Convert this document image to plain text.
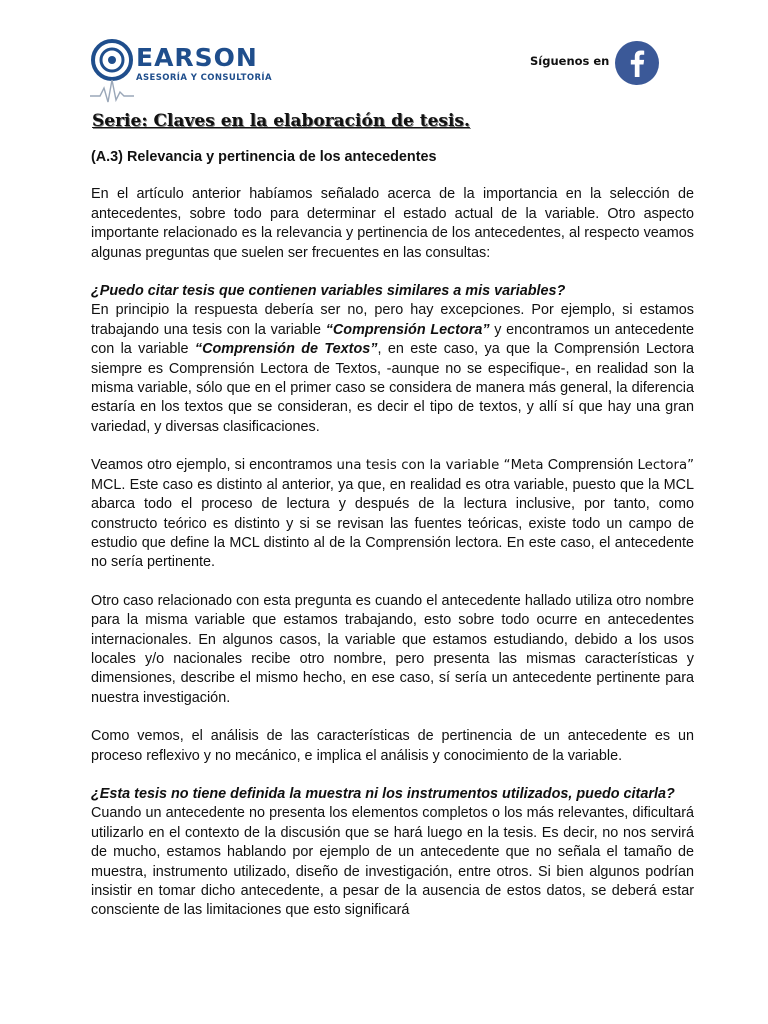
EARSON
ASESORÍA Y CONSULTORÍA
Síguenos en
Serie: Claves en la elaboración de tesis.

(A.3) Relevancia y pertinencia de los antecedentes

En el artículo anterior habíamos señalado acerca de la importancia en la selección de antecedentes, sobre todo para determinar el estado actual de la variable. Otro aspecto importante relacionado es la relevancia y pertinencia de los antecedentes, al respecto veamos algunas preguntas que suelen ser frecuentes en las consultas:

¿Puedo citar tesis que contienen variables similares a mis variables?

En principio la respuesta debería ser no, pero hay excepciones. Por ejemplo, si estamos trabajando una tesis con la variable “Comprensión Lectora” y encontramos un antecedente con la variable “Comprensión de Textos”, en este caso, ya que la Comprensión Lectora siempre es Comprensión Lectora de Textos, -aunque no se especifique-, en realidad son la misma variable, sólo que en el primer caso se considera de manera más general, la diferencia estaría en los textos que se consideran, es decir el tipo de textos, y allí sí que hay una gran variedad, y diversas clasificaciones.

Veamos otro ejemplo, si encontramos una tesis con la variable “Meta Comprensión Lectora” MCL. Este caso es distinto al anterior, ya que, en realidad es otra variable, puesto que la MCL abarca todo el proceso de lectura y después de la lectura inclusive, por tanto, como constructo teórico es distinto y si se revisan las fuentes teóricas, existe todo un campo de estudio que define la MCL distinto al de la Comprensión lectora. En este caso, el antecedente no sería pertinente.

Otro caso relacionado con esta pregunta es cuando el antecedente hallado utiliza otro nombre para la misma variable que estamos trabajando, esto sobre todo ocurre en antecedentes internacionales. En algunos casos, la variable que estamos estudiando, debido a los usos locales y/o nacionales recibe otro nombre, pero presenta las mismas características y dimensiones, describe el mismo hecho, en ese caso, sí sería un antecedente pertinente para nuestra investigación.

Como vemos, el análisis de las características de pertinencia de un antecedente es un proceso reflexivo y no mecánico, e implica el análisis y conocimiento de la variable.

¿Esta tesis no tiene definida la muestra ni los instrumentos utilizados, puedo citarla?

Cuando un antecedente no presenta los elementos completos o los más relevantes, dificultará utilizarlo en el contexto de la discusión que se hará luego en la tesis. Es decir, no nos servirá de mucho, estamos hablando por ejemplo de un antecedente que no señala el tamaño de muestra, instrumento utilizado, diseño de investigación, entre otros. Si bien algunos podrían insistir en tomar dicho antecedente, a pesar de la ausencia de estos datos, se deberá estar consciente de las limitaciones que esto significará
